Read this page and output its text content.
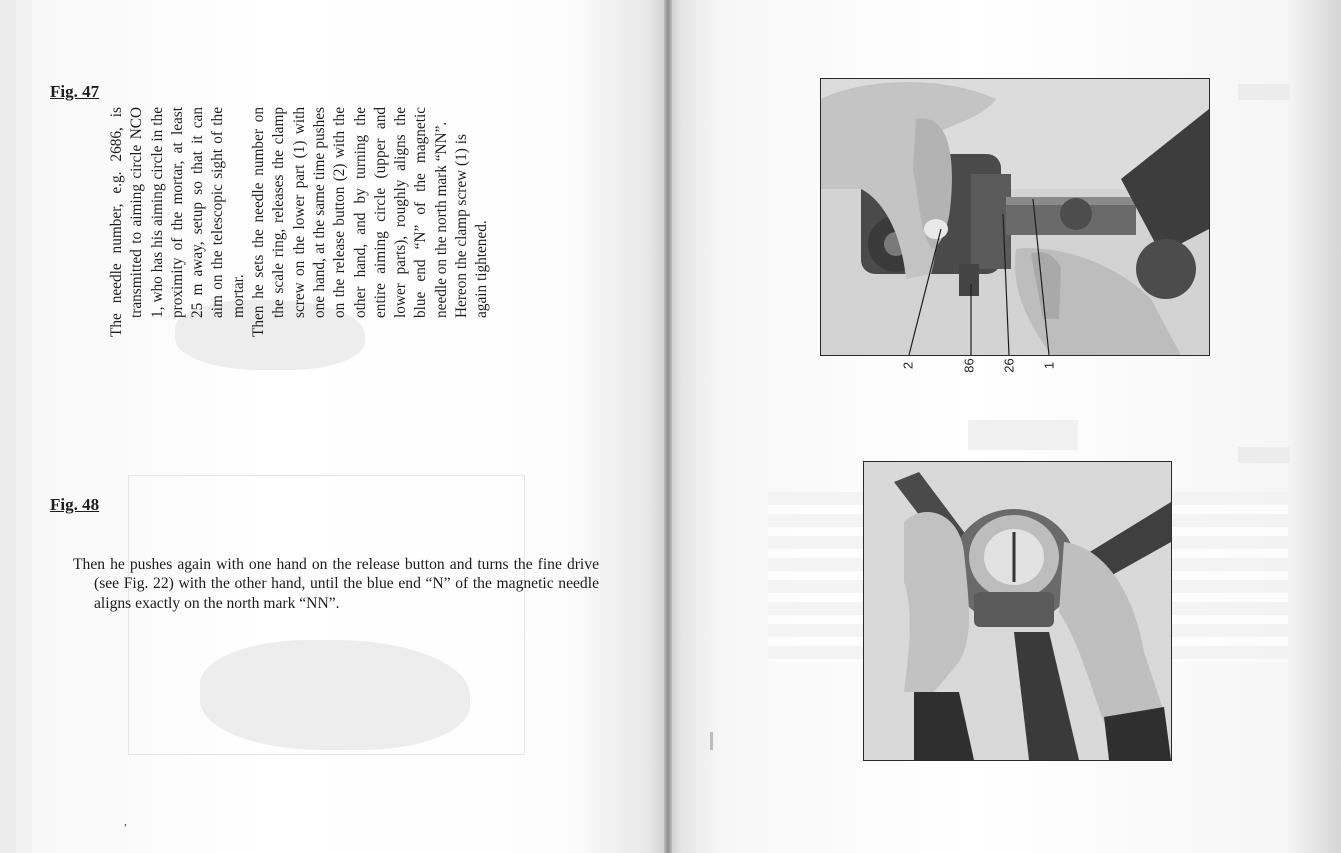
Fig. 47

The needle number, e.g. 2686, is transmitted to aiming circle NCO 1, who has his aiming circle in the proximity of the mortar, at least 25 m away, setup so that it can aim on the telescopic sight of the mortar. Then he sets the needle number on the scale ring, releases the clamp screw on the lower part (1) with one hand, at the same time pushes on the release button (2) with the other hand, and by turning the entire aiming circle (upper and lower parts), roughly aligns the blue end “N” of the magnetic needle on the north mark “NN”. Hereon the clamp screw (1) is again tightened.

Fig. 48
Then he pushes again with one hand on the release button and turns the fine drive (see Fig. 22) with the other hand, until the blue end “N” of the magnetic needle aligns exactly on the north mark “NN”.
,
2	86 26 1
